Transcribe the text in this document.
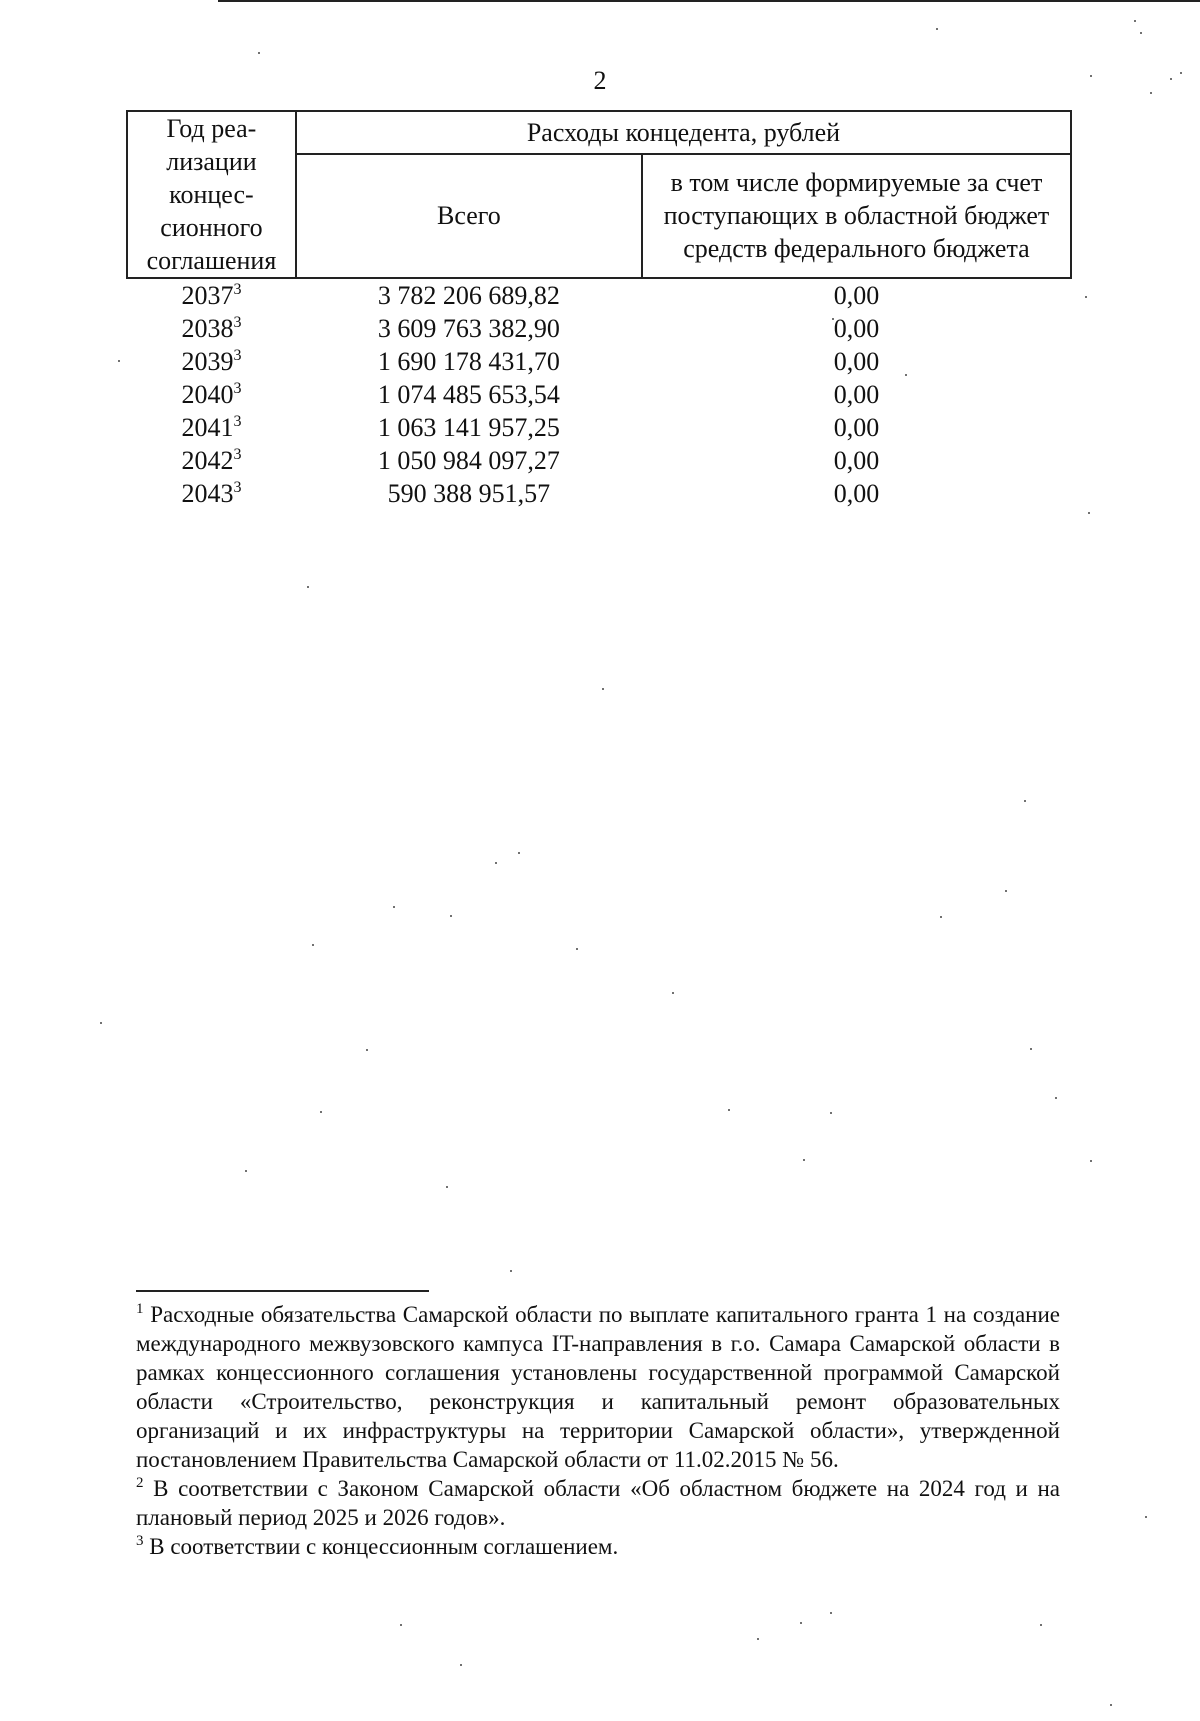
2
Год реа-
лизации
концес-
сионного
соглашения	Расходы концедента, рублей	
	Всего	в том числе формируемые за счет поступающих в областной бюджет средств федерального бюджета
2037$^3$	3 782 206 689,82	0,00
2038$^3$	3 609 763 382,90	0,00
2039$^3$	1 690 178 431,70	0,00
2040$^3$	1 074 485 653,54	0,00
2041$^3$	1 063 141 957,25	0,00
2042$^3$	1 050 984 097,27	0,00
2043$^3$	590 388 951,57	0,00

$^1$ Расходные обязательства Самарской области по выплате капитального гранта 1 на создание международного межвузовского кампуса IT-направления в г.о. Самара Самарской области в рамках концессионного соглашения установлены государственной программой Самарской области «Строительство, реконструкция и капитальный ремонт образовательных организаций и их инфраструктуры на территории Самарской области», утвержденной постановлением Правительства Самарской области от 11.02.2015 № 56.

$^2$ В соответствии с Законом Самарской области «Об областном бюджете на 2024 год и на плановый период 2025 и 2026 годов».

$^3$ В соответствии с концессионным соглашением.
